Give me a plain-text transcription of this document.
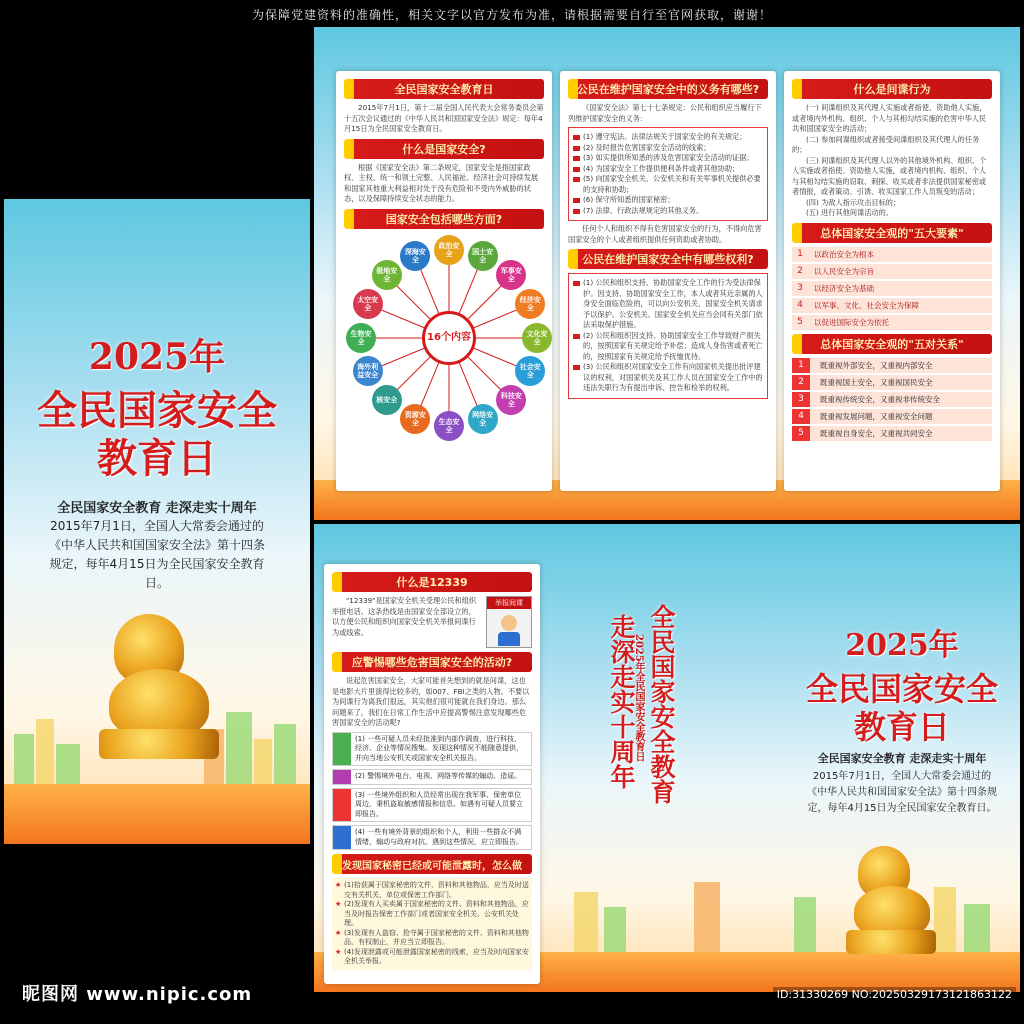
为保障党建资料的准确性，相关文字以官方发布为准，请根据需要自行至官网获取，谢谢！
2025年
全民国家安全
教育日
全民国家安全教育 走深走实十周年
2015年7月1日，全国人大常委会通过的《中华人民共和国国家安全法》第十四条规定，每年4月15日为全民国家安全教育日。
全民国家安全教育日
2015年7月1日，第十二届全国人民代表大会常务委员会第十五次会议通过的《中华人民共和国国家安全法》规定：每年4月15日为全民国家安全教育日。
什么是国家安全?
根据《国家安全法》第二条规定，国家安全是指国家政权、主权、统一和领土完整、人民福祉、经济社会可持续发展和国家其他重大利益相对处于没有危险和不受内外威胁的状态，以及保障持续安全状态的能力。
国家安全包括哪些方面?
16个内容
政治安全	国土安全
军事安全
经济安全
文化安全
社会安全
科技安全
网络安全
生态安全
资源安全
核安全
海外利益安全
生物安全
太空安全
极地安全
深海安全
公民在维护国家安全中的义务有哪些?
《国家安全法》第七十七条规定：公民和组织应当履行下列维护国家安全的义务：
(1) 遵守宪法、法律法规关于国家安全的有关规定；
(2) 及时报告危害国家安全活动的线索；
(3) 如实提供所知悉的涉及危害国家安全活动的证据；
(4) 为国家安全工作提供便利条件或者其他协助；
(5) 向国家安全机关、公安机关和有关军事机关提供必要的支持和协助；
(6) 保守所知悉的国家秘密；
(7) 法律、行政法规规定的其他义务。
任何个人和组织不得有危害国家安全的行为，不得向危害国家安全的个人或者组织提供任何资助或者协助。
公民在维护国家安全中有哪些权利?
(1) 公民和组织支持、协助国家安全工作的行为受法律保护。因支持、协助国家安全工作，本人或者其近亲属的人身安全面临危险的，可以向公安机关、国家安全机关请求予以保护。公安机关、国家安全机关应当会同有关部门依法采取保护措施。
(2) 公民和组织因支持、协助国家安全工作导致财产损失的，按照国家有关规定给予补偿；造成人身伤害或者死亡的，按照国家有关规定给予抚恤优待。
(3) 公民和组织对国家安全工作有向国家机关提出批评建议的权利，对国家机关及其工作人员在国家安全工作中的违法失职行为有提出申诉、控告和检举的权利。
什么是间谍行为
(一) 间谍组织及其代理人实施或者指使、资助他人实施，或者境内外机构、组织、个人与其相勾结实施的危害中华人民共和国国家安全的活动；
(二) 参加间谍组织或者接受间谍组织及其代理人的任务的；
(三) 间谍组织及其代理人以外的其他境外机构、组织、个人实施或者指使、资助他人实施，或者境内机构、组织、个人与其相勾结实施的窃取、刺探、收买或者非法提供国家秘密或者情报，或者策动、引诱、收买国家工作人员叛变的活动；
(四) 为敌人指示攻击目标的；
(五) 进行其他间谍活动的。
总体国家安全观的"五大要素"
1	以政治安全为根本
2	以人民安全为宗旨
3	以经济安全为基础
4	以军事、文化、社会安全为保障
5	以促进国际安全为依托
总体国家安全观的"五对关系"
1	既重视外部安全，又重视内部安全
2	既重视国土安全，又重视国民安全
3	既重视传统安全，又重视非传统安全
4	既重视发展问题，又重视安全问题
5	既重视自身安全，又重视共同安全
什么是12339
"12339"是国家安全机关受理公民和组织举报电话。这条热线是由国家安全部设立的，以方便公民和组织向国家安全机关举报间谍行为或线索。
举报间谍
应警惕哪些危害国家安全的活动?
说起危害国家安全，大家可能首先想到的就是间谍，这也是电影大片里演得比较多的，如007、FBI之类的人物。不要以为间谍行为离我们很远，其实他们很可能就在我们身边。那么问题来了，我们在日常工作生活中应提高警惕注意发现哪些危害国家安全的活动呢?
(1) 一些可疑人员未经批准到内部作调查，进行科技、经济、企业等情况搜集。发现这种情况不能随意提供，并向当地公安机关或国家安全机关报告。
(2) 警惕境外电台、电视、网络等传媒的煽动、造谣。
(3) 一些境外组织和人员经常出现在我军事、保密单位周边，秉机盗取敏感情报和信息。如遇有可疑人员要立即报告。
(4) 一些有境外背景的组织和个人，利用一些群众不满情绪，煽动与政府对抗。遇到这些情况，应立即报告。
发现国家秘密已经或可能泄露时，怎么做
★ (1)拾获属于国家秘密的文件、资料和其他物品，应当及时送交有关机关、单位或保密工作部门。
★ (2)发现有人买卖属于国家秘密的文件、资料和其他物品，应当及时报告保密工作部门或者国家安全机关、公安机关处理。
★ (3)发现有人盗窃、抢夺属于国家秘密的文件、资料和其他物品，有权制止，并应当立即报告。
★ (4)发现泄露或可能泄露国家秘密的线索，应当及时向国家安全机关举报。
全民国家安全教育
2025年全民国家安全教育日
走深走实十周年	2025年
全民国家安全
教育日
全民国家安全教育 走深走实十周年
2015年7月1日，全国人大常委会通过的《中华人民共和国国家安全法》第十四条规定，每年4月15日为全民国家安全教育日。
昵图网 www.nipic.com	ID:31330269 NO:20250329173121863122
